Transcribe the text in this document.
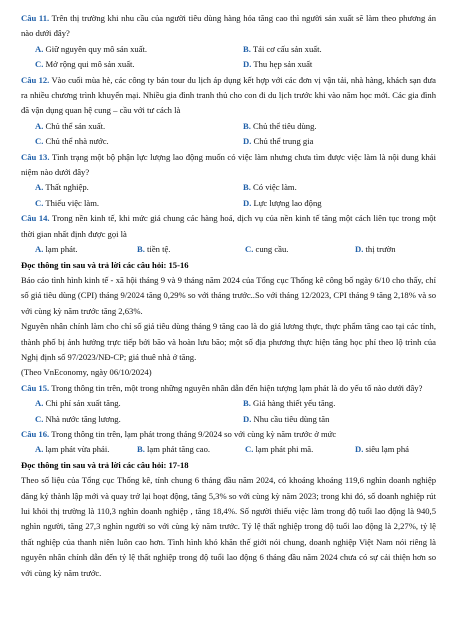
Câu 11. Trên thị trường khi nhu cầu của người tiêu dùng hàng hóa tăng cao thì người sản xuất sẽ làm theo phương án nào dưới đây?

A. Giữ nguyên quy mô sản xuất.	B. Tái cơ cấu sản xuất.
C. Mở rộng qui mô sản xuất.	D. Thu hẹp sản xuất

Câu 12. Vào cuối mùa hè, các công ty bán tour du lịch áp dụng kết hợp với các đơn vị vận tải, nhà hàng, khách sạn đưa ra nhiều chương trình khuyến mại. Nhiều gia đình tranh thủ cho con đi du lịch trước khi vào năm học mới. Các gia đình đã vận dụng quan hệ cung – cầu với tư cách là

A. Chủ thể sản xuất.	B. Chủ thể tiêu dùng.
C. Chủ thể nhà nước.	D. Chủ thể trung gia

Câu 13. Tình trạng một bộ phận lực lượng lao động muốn có việc làm nhưng chưa tìm được việc làm là nội dung khái niệm nào dưới đây?

A. Thất nghiệp.	B. Có việc làm.
C. Thiếu việc làm.	D. Lực lượng lao động

Câu 14. Trong nền kinh tế, khi mức giá chung các hàng hoá, dịch vụ của nền kinh tế tăng một cách liên tục trong một thời gian nhất định được gọi là

A. lạm phát.	B. tiền tệ.	C. cung cầu.	D. thị trườn

Đọc thông tin sau và trả lời các câu hỏi: 15-16

Báo cáo tình hình kinh tế - xã hội tháng 9 và 9 tháng năm 2024 của Tổng cục Thống kê công bố ngày 6/10 cho thấy, chỉ số giá tiêu dùng (CPI) tháng 9/2024 tăng 0,29% so với tháng trước..So với tháng 12/2023, CPI tháng 9 tăng 2,18% và so với cùng kỳ năm trước tăng 2,63%.

Nguyên nhân chính làm cho chỉ số giá tiêu dùng tháng 9 tăng cao là do giá lương thực, thực phẩm tăng cao tại các tỉnh, thành phố bị ảnh hưởng trực tiếp bởi bão và hoàn lưu bão; một số địa phương thực hiện tăng học phí theo lộ trình của Nghị định số 97/2023/NĐ-CP; giá thuê nhà ở tăng.

(Theo VnEconomy, ngày 06/10/2024)

Câu 15. Trong thông tin trên, một trong những nguyên nhân dẫn đến hiện tượng lạm phát là do yếu tố nào dưới đây?

A. Chi phí sản xuất tăng.	B. Giá hàng thiết yếu tăng.
C. Nhà nước tăng lương.	D. Nhu cầu tiêu dùng tăn

Câu 16. Trong thông tin trên, lạm phát trong tháng 9/2024 so với cùng kỳ năm trước ở mức

A. lạm phát vừa phải.	B. lạm phát tăng cao.	C. lạm phát phi mã.	D. siêu lạm phá

Đọc thông tin sau và trả lời các câu hỏi: 17-18

Theo số liệu của Tổng cục Thống kê, tính chung 6 tháng đầu năm 2024, có khoảng khoảng 119,6 nghìn doanh nghiệp đăng ký thành lập mới và quay trở lại hoạt động, tăng 5,3% so với cùng kỳ năm 2023; trong khi đó, số doanh nghiệp rút lui khỏi thị trường là 110,3 nghìn doanh nghiệp , tăng 18,4%. Số người thiếu việc làm trong độ tuổi lao động là 940,5 nghìn người, tăng 27,3 nghìn người so với cùng kỳ năm trước. Tỷ lệ thất nghiệp trong độ tuổi lao động là 2,27%, tỷ lệ thất nghiệp của thanh niên luôn cao hơn. Tình hình khó khăn thế giới nói chung, doanh nghiệp Việt Nam nói riêng là nguyên nhân chính dẫn đến tỷ lệ thất nghiệp trong độ tuổi lao động 6 tháng đầu năm 2024 chưa có sự cải thiện hơn so với cùng kỳ năm trước.
